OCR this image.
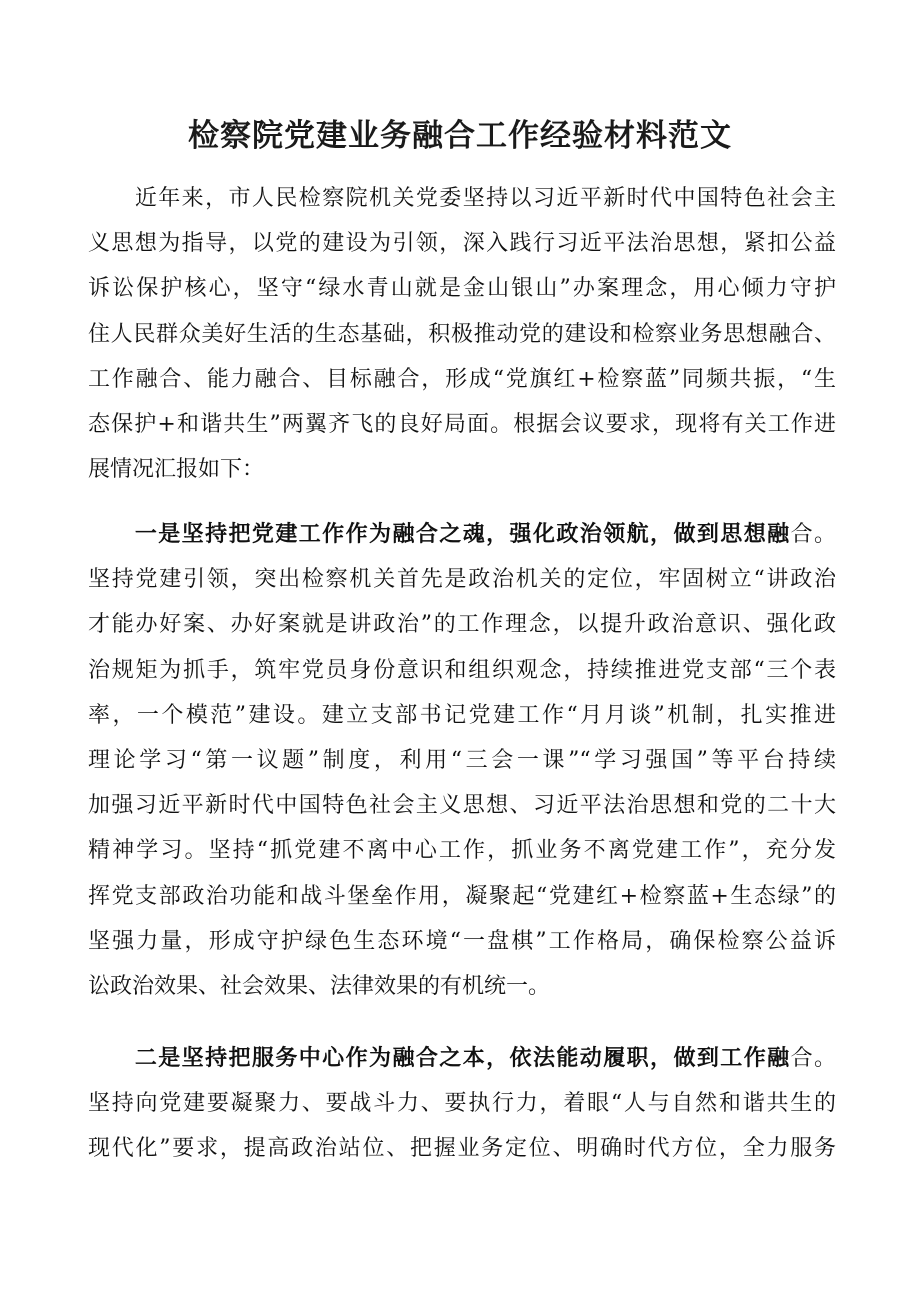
检察院党建业务融合工作经验材料范文
　　近年来，市人民检察院机关党委坚持以习近平新时代中国特色社会主
义思想为指导，以党的建设为引领，深入践行习近平法治思想，紧扣公益
诉讼保护核心，坚守“绿水青山就是金山银山”办案理念，用心倾力守护
住人民群众美好生活的生态基础，积极推动党的建设和检察业务思想融合、
工作融合、能力融合、目标融合，形成“党旗红+检察蓝”同频共振，“生
态保护+和谐共生”两翼齐飞的良好局面。根据会议要求，现将有关工作进
展情况汇报如下：
　　一是坚持把党建工作作为融合之魂，强化政治领航，做到思想融合。
坚持党建引领，突出检察机关首先是政治机关的定位，牢固树立“讲政治
才能办好案、办好案就是讲政治”的工作理念，以提升政治意识、强化政
治规矩为抓手，筑牢党员身份意识和组织观念，持续推进党支部“三个表
率，一个模范”建设。建立支部书记党建工作“月月谈”机制，扎实推进
理论学习“第一议题”制度，利用“三会一课”“学习强国”等平台持续
加强习近平新时代中国特色社会主义思想、习近平法治思想和党的二十大
精神学习。坚持“抓党建不离中心工作，抓业务不离党建工作”，充分发
挥党支部政治功能和战斗堡垒作用，凝聚起“党建红+检察蓝+生态绿”的
坚强力量，形成守护绿色生态环境“一盘棋”工作格局，确保检察公益诉
讼政治效果、社会效果、法律效果的有机统一。
　　二是坚持把服务中心作为融合之本，依法能动履职，做到工作融合。
坚持向党建要凝聚力、要战斗力、要执行力，着眼“人与自然和谐共生的
现代化”要求，提高政治站位、把握业务定位、明确时代方位，全力服务
